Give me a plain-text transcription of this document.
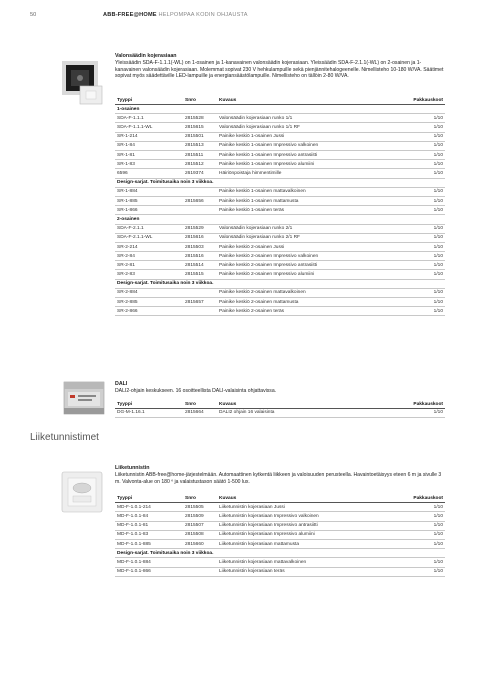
50	ABB-FREE@HOME HELPOMPAA KODIN OHJAUSTA
Valonsäädin kojerasiaan
Yleissäädin SDA-F-1.1.1(-WL) on 1-osainen ja 1-kanavainen valonsäädin kojerasiaan. Yleissäädin SDA-F-2.1.1(-WL) on 2-osainen ja 1-kanavainen valonsäädin kojerasiaan. Molemmat sopivat 230 V hehkulampuille sekä pienjännitehalogeenelle. Nimellisteho 10-180 W/VA. Säätimet sopivat myös säädettäville LED-lampuille ja energiansäästölampuille. Nimellisteho on tällöin 2-80 W/VA.
Tyyppi	Snro	Kuvaus	Pakkauskoot
1-osainen			
SDA-F-1.1.1	2815528	Valonsäädin kojerasiaan runko 1/1	1/10
SDA-F-1.1.1-WL	2815615	Valonsäädin kojerasiaan runko 1/1 RF	1/10
SR-1-214	2815501	Painike keskiö 1-osainen Jussi	1/10
SR-1-84	2815513	Painike keskiö 1-osainen Impressivo valkoinen	1/10
SR-1-81	2815511	Painike keskiö 1-osainen Impressivo antrasiitti	1/10
SR-1-83	2815512	Painike keskiö 1-osainen Impressivo alumiini	1/10
6596	2619374	Häiriönpoistaja himmentimille	1/10
Design-sarjat. Toimitusaika noin 3 viikkoa.			
SR-1-884		Painike keskiö 1-osainen mattavalkoinen	1/10
SR-1-885	2815656	Painike keskiö 1-osainen mattamusta	1/10
SR-1-866		Painike keskiö 1-osainen teräs	1/10
2-osainen			
SDA-F-2.1.1	2815529	Valonsäädin kojerasiaan runko 2/1	1/10
SDA-F-2.1.1-WL	2815616	Valonsäädin kojerasiaan runko 2/1 RF	1/10
SR-2-214	2815503	Painike keskiö 2-osainen Jussi	1/10
SR-2-84	2815516	Painike keskiö 2-osainen Impressivo valkoinen	1/10
SR-2-81	2815514	Painike keskiö 2-osainen Impressivo antrasiitti	1/10
SR-2-83	2815515	Painike keskiö 2-osainen Impressivo alumiini	1/10
Design-sarjat. Toimitusaika noin 3 viikkoa.			
SR-2-884		Painike keskiö 2-osainen mattavalkoinen	1/10
SR-2-885	2815657	Painike keskiö 2-osainen mattamusta	1/10
SR-2-866		Painike keskiö 2-osainen teräs	1/10
DALI
DALI2-ohjain keskukseen. 16 osoitteellista DALI-valaisinta ohjattavissa.
Tyyppi	Snro	Kuvaus	Pakkauskoot
DG-M-1.16.1	2815664	DALI2 ohjain 16 valaisinta	1/10
Liiketunnistimet
Liiketunnistin
Liiketunnistin ABB-free@home-järjestelmään. Automaattinen kytkentä liikkeen ja valoisuuden perusteella. Havaintoetäisyys eteen 6 m ja sivulle 3 m. Valvonta-alue on 180 º ja valaistustason säätö 1-500 lux.
Tyyppi	Snro	Kuvaus	Pakkauskoot
MD-F-1.0.1-214	2815505	Liiketunnistin kojerasiaan Jussi	1/10
MD-F-1.0.1-84	2815509	Liiketunnistin kojerasiaan Impressivo valkoinen	1/10
MD-F-1.0.1-81	2815507	Liiketunnistin kojerasiaan Impressivo antrasiitti	1/10
MD-F-1.0.1-83	2815508	Liiketunnistin kojerasiaan Impressivo alumiini	1/10
MD-F-1.0.1-885	2815660	Liiketunnistin kojerasiaan mattamusta	1/10
Design-sarjat. Toimitusaika noin 3 viikkoa.			
MD-F-1.0.1-884		Liiketunnistin kojerasiaan mattavalkoinen	1/10
MD-F-1.0.1-866		Liiketunnistin kojerasiaan teräs	1/10
